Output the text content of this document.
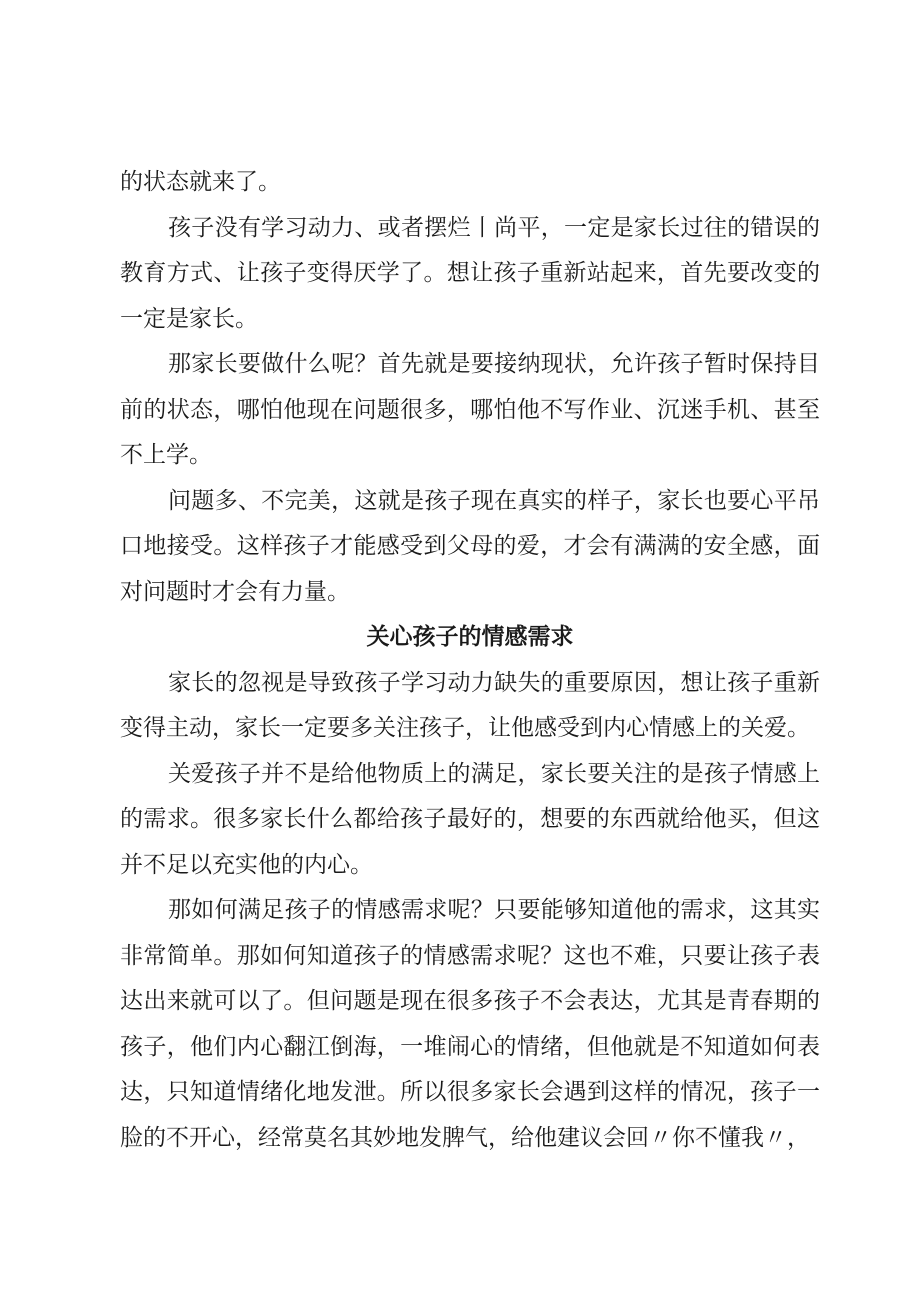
的状态就来了。

孩子没有学习动力、或者摆烂丨尚平，一定是家长过往的错误的教育方式、让孩子变得厌学了。想让孩子重新站起来，首先要改变的一定是家长。

那家长要做什么呢？首先就是要接纳现状，允许孩子暂时保持目前的状态，哪怕他现在问题很多，哪怕他不写作业、沉迷手机、甚至不上学。

问题多、不完美，这就是孩子现在真实的样子，家长也要心平吊口地接受。这样孩子才能感受到父母的爱，才会有满满的安全感，面对问题时才会有力量。

关心孩子的情感需求

家长的忽视是导致孩子学习动力缺失的重要原因，想让孩子重新变得主动，家长一定要多关注孩子，让他感受到内心情感上的关爱。

关爱孩子并不是给他物质上的满足，家长要关注的是孩子情感上的需求。很多家长什么都给孩子最好的，想要的东西就给他买，但这并不足以充实他的内心。

那如何满足孩子的情感需求呢？只要能够知道他的需求，这其实非常简单。那如何知道孩子的情感需求呢？这也不难，只要让孩子表达出来就可以了。但问题是现在很多孩子不会表达，尤其是青春期的孩子，他们内心翻江倒海，一堆闹心的情绪，但他就是不知道如何表达，只知道情绪化地发泄。所以很多家长会遇到这样的情况，孩子一脸的不开心，经常莫名其妙地发脾气，给他建议会回〃你不懂我〃，
